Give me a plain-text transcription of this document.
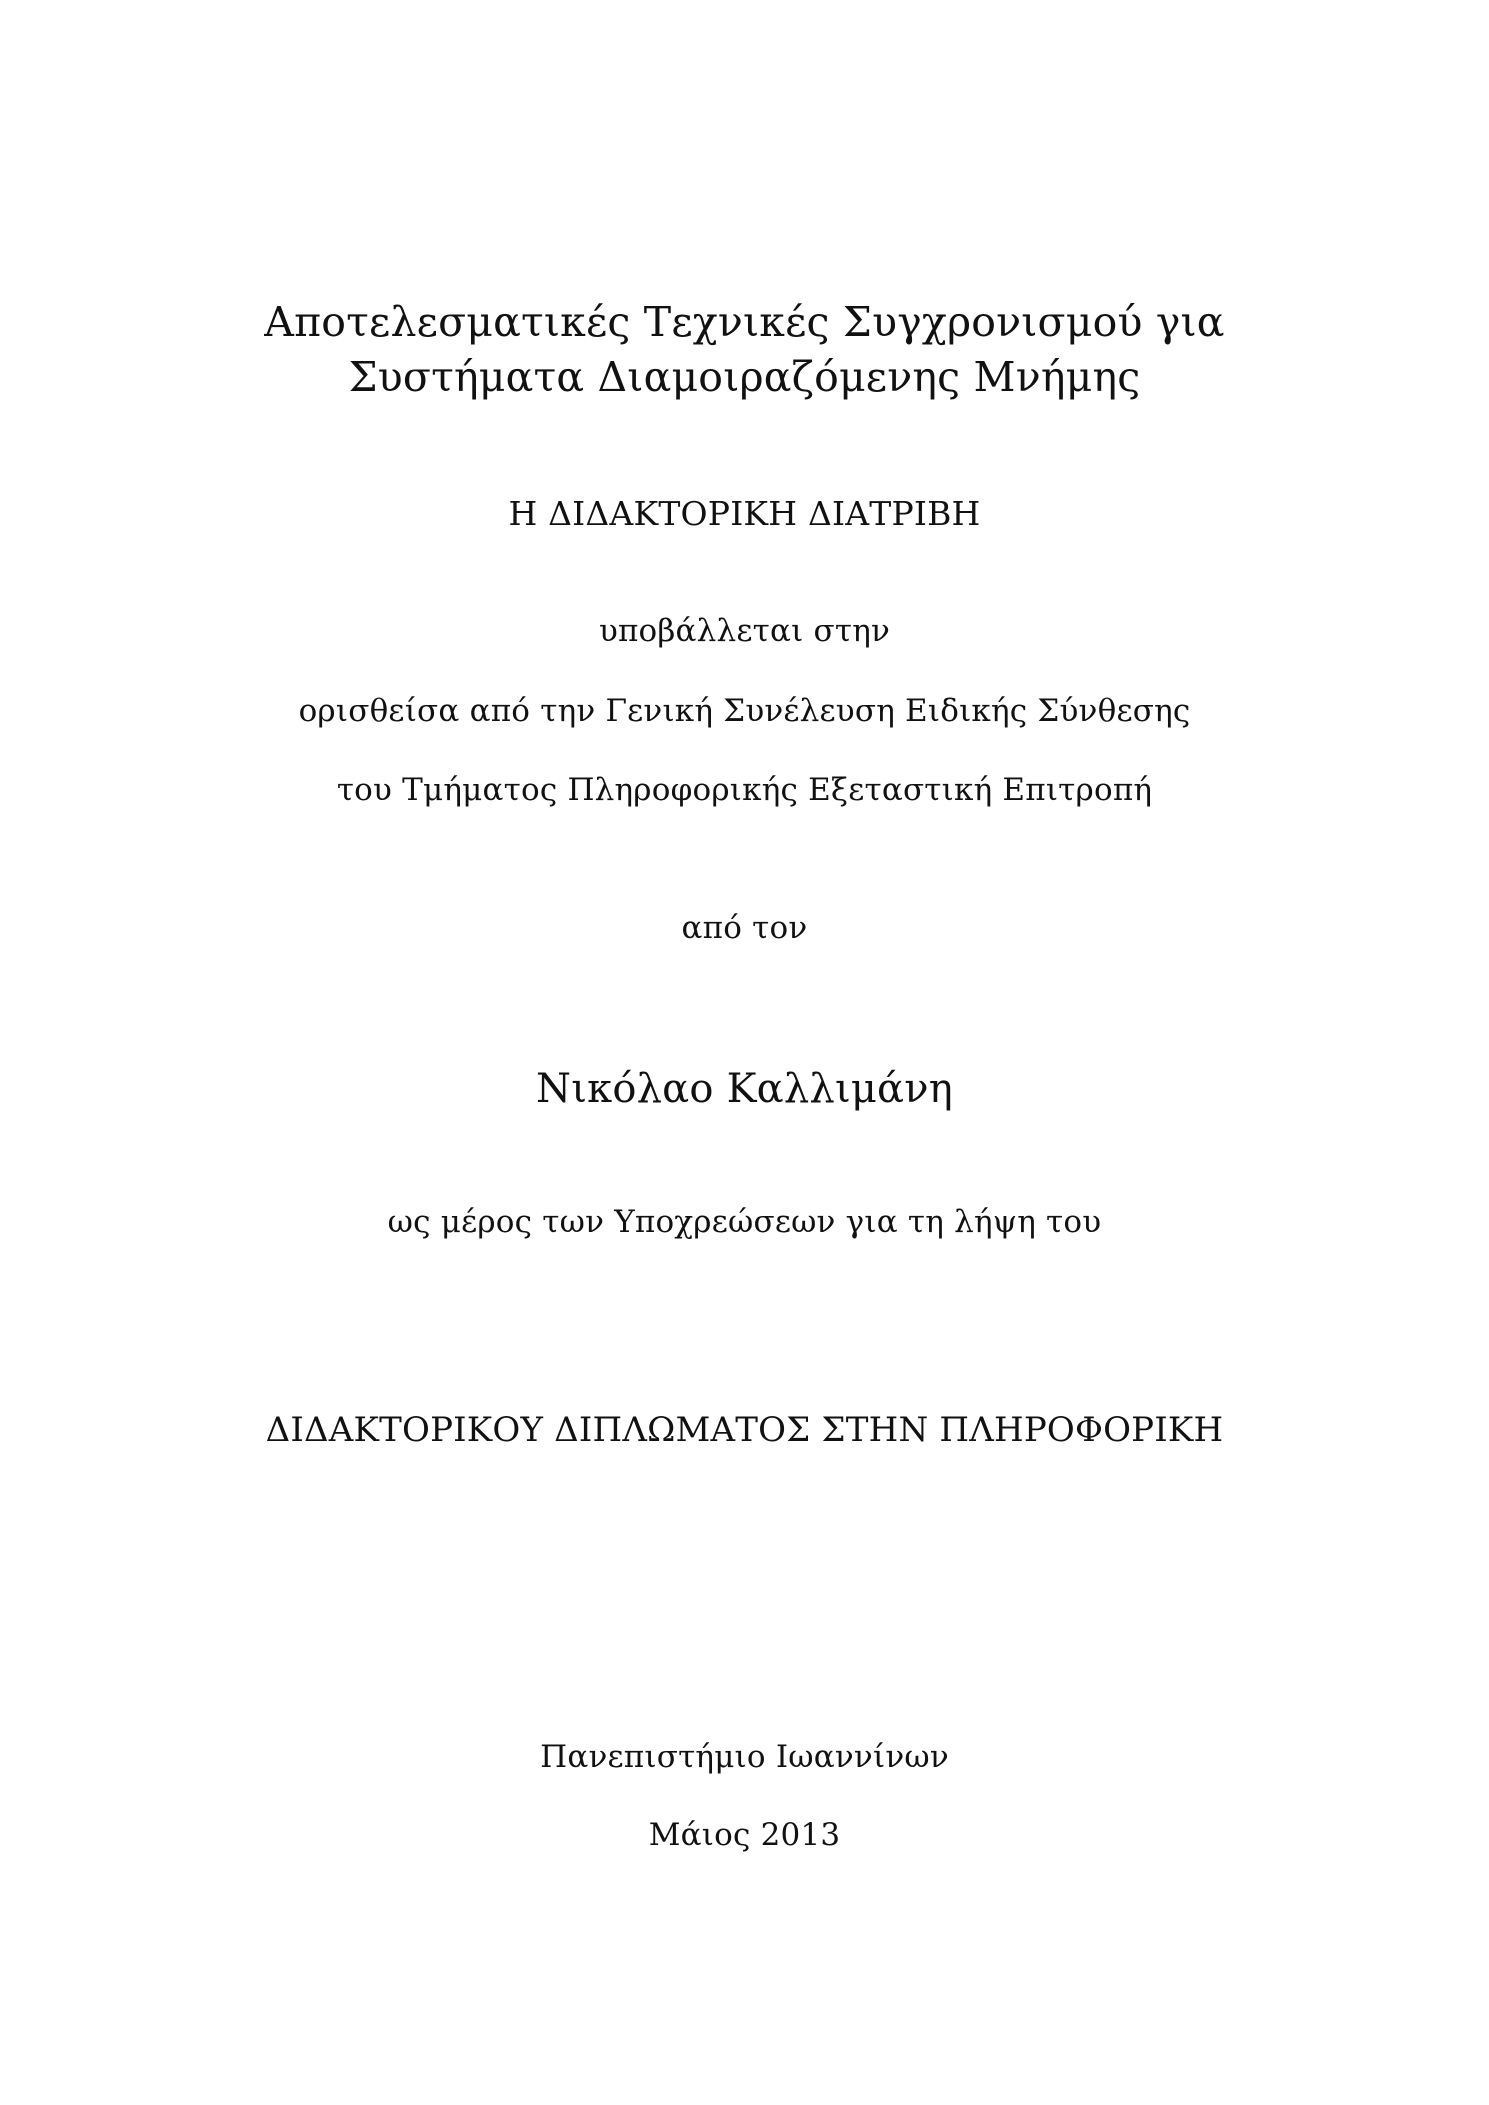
Αποτελεσματικές Τεχνικές Συγχρονισμού για
Συστήματα Διαμοιραζόμενης Μνήμης
Η ΔΙΔΑΚΤΟΡΙΚΗ ΔΙΑΤΡΙΒΗ
υποβάλλεται στην
ορισθείσα από την Γενική Συνέλευση Ειδικής Σύνθεσης
του Τμήματος Πληροφορικής Εξεταστική Επιτροπή
από τον
Νικόλαο Καλλιμάνη
ως μέρος των Υποχρεώσεων για τη λήψη του
ΔΙΔΑΚΤΟΡΙΚΟΥ ΔΙΠΛΩΜΑΤΟΣ ΣΤΗΝ ΠΛΗΡΟΦΟΡΙΚΗ
Πανεπιστήμιο Ιωαννίνων
Μάιος 2013
